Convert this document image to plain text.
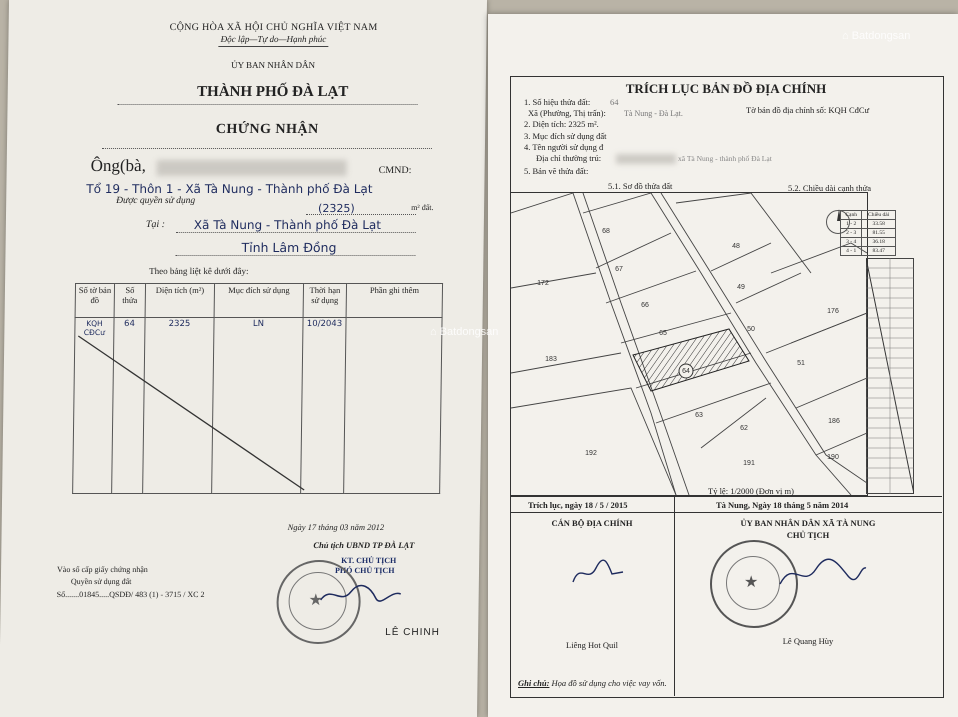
CỘNG HÒA XÃ HỘI CHỦ NGHĨA VIỆT NAM
Độc lập—Tự do—Hạnh phúc
ỦY BAN NHÂN DÂN
THÀNH PHỐ ĐÀ LẠT
CHỨNG NHẬN
Ông(bà,	CMND:
Tổ 19 - Thôn 1 - Xã Tà Nung - Thành phố Đà Lạt
Được quyền sử dụng
(2325)	m² đất.
Tại : Xã Tà Nung - Thành phố Đà Lạt
Tỉnh Lâm Đồng
Theo bảng liệt kê dưới đây:
Số tờ bản đồ	Số thửa	Diện tích (m²)	Mục đích sử dụng	Thời hạn sử dụng	Phần ghi thêm
KQH CĐCư	64	2325	LN	10/2043	
Ngày 17 tháng 03 năm 2012
Chủ tịch UBND TP ĐÀ LẠT
KT. CHỦ TỊCH
PHÓ CHỦ TỊCH
★
LÊ CHINH
Vào sổ cấp giấy chứng nhận
Quyền sử dụng đất
Số.......01845.....QSDĐ/ 483 (1) - 3715 / XC 2
TRÍCH LỤC BẢN ĐỒ ĐỊA CHÍNH
1. Số hiệu thửa đất: 64
Tờ bản đồ địa chính số: KQH CđCư
Xã (Phường, Thị trấn): Tà Nung - Đà Lạt.
2. Diện tích: 2325 m².
3. Mục đích sử dụng đất
4. Tên người sử dụng đ
Địa chỉ thường trú:	xã Tà Nung - thành phố Đà Lạt
5. Bản vẽ thửa đất:
5.1. Sơ đồ thửa đất	5.2. Chiều dài cạnh thửa
68
48
67
172
49
66
176
50
65
183
64
51
63
62
186
192
191
190
Cạnh	Chiều dài
1 - 2	33.58
2 - 3	81.55
3 - 4	36.18
4 - 1	83.47
Tỷ lệ: 1/2000 (Đơn vị m)
Trích lục, ngày 18 / 5 / 2015	Tà Nung, Ngày 18 tháng 5 năm 2014
CÁN BỘ ĐỊA CHÍNH	ỦY BAN NHÂN DÂN XÃ TÀ NUNG
CHỦ TỊCH
★
Liêng Hot Quil	Lê Quang Hùy
Ghi chú: Họa đồ sử dụng cho việc vay vốn.
⌂ Batdongsan
⌂ Batdongsan
